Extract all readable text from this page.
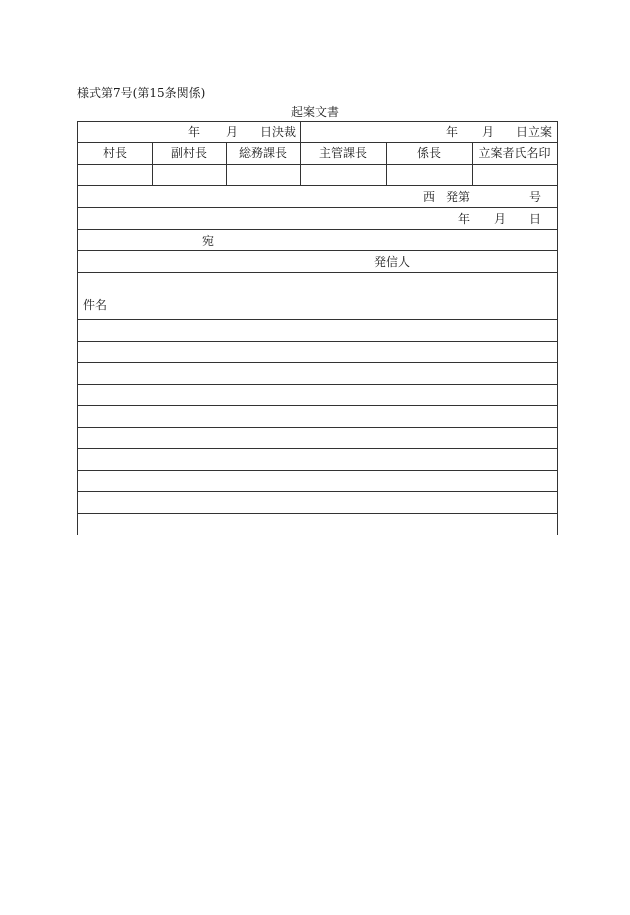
様式第7号(第15条関係)
起案文書
年 月 日決裁	年 月 日立案
村長	副村長	総務課長	主管課長	係長	立案者氏名印
西 発第	号
年 月 日
宛
発信人
件名
